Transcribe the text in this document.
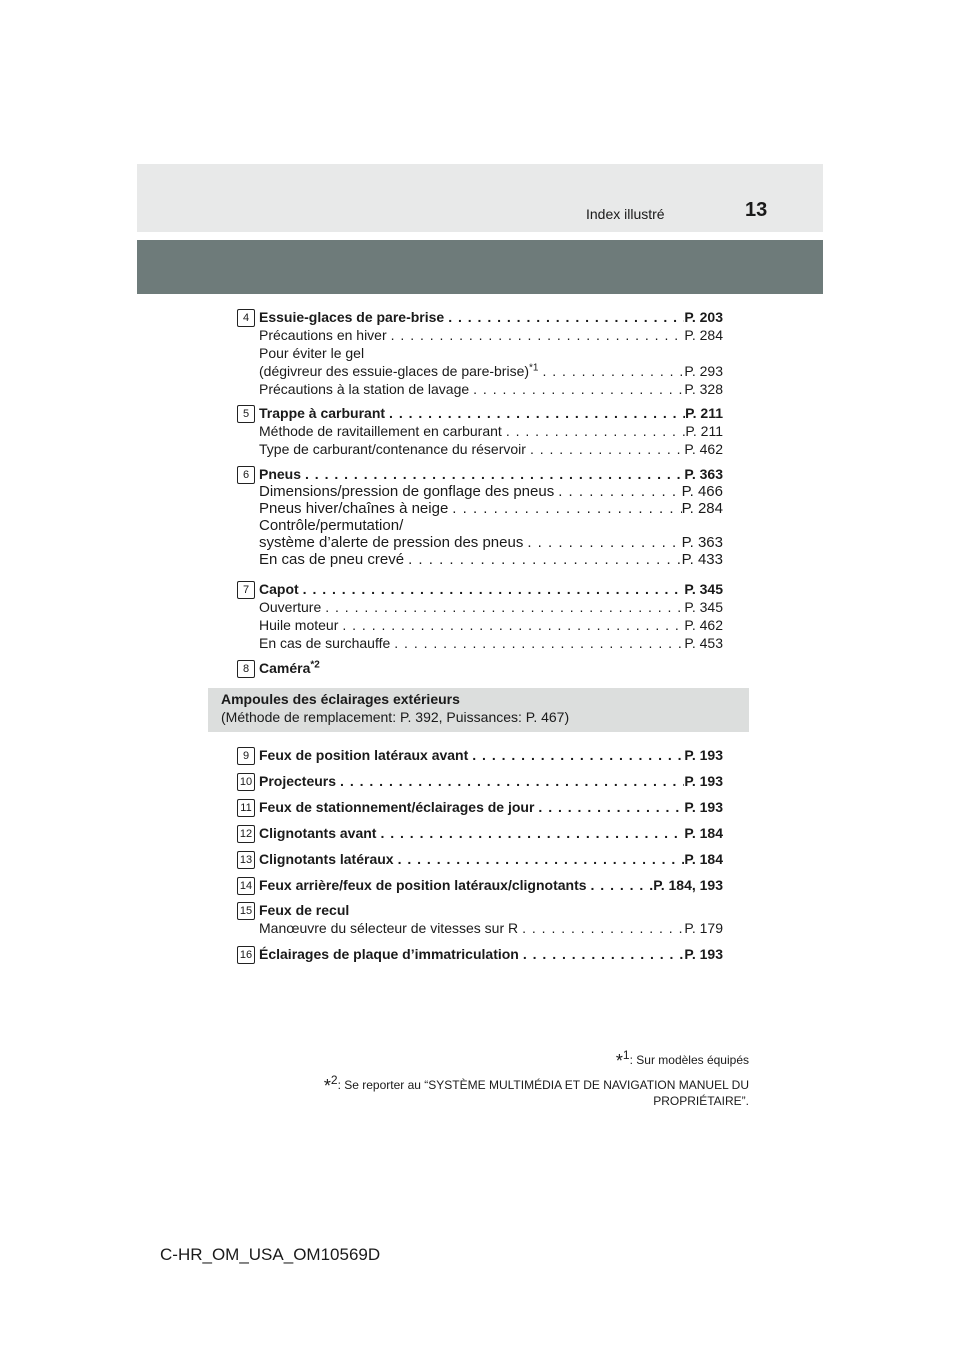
Index illustré	13
4 Essuie-glaces de pare-brise . . .	P. 203
Précautions en hiver . . .	P. 284
Pour éviter le gel
(dégivreur des essuie-glaces de pare-brise)$^{*1}$ . . .	P. 293
Précautions à la station de lavage . . .	P. 328
5 Trappe à carburant . . .	P. 211
Méthode de ravitaillement en carburant . . .	P. 211
Type de carburant/contenance du réservoir . . .	P. 462
6 Pneus . . .	P. 363
Dimensions/pression de gonflage des pneus . . .	P. 466
Pneus hiver/chaînes à neige . . .	P. 284
Contrôle/permutation/
système d’alerte de pression des pneus . . .	P. 363
En cas de pneu crevé . . .	P. 433
7 Capot . . .	P. 345
Ouverture . . .	P. 345
Huile moteur . . .	P. 462
En cas de surchauffe . . .	P. 453
8 Caméra$^{*2}$
Ampoules des éclairages extérieurs
(Méthode de remplacement: P. 392, Puissances: P. 467)
9 Feux de position latéraux avant . . .	P. 193
10 Projecteurs . . .	P. 193
11 Feux de stationnement/éclairages de jour . . .	P. 193
12 Clignotants avant . . .	P. 184
13 Clignotants latéraux . . .	P. 184
14 Feux arrière/feux de position latéraux/clignotants . . .	P. 184, 193
15 Feux de recul
Manœuvre du sélecteur de vitesses sur R . . .	P. 179
16 Éclairages de plaque d’immatriculation . . .	P. 193
*$^1$: Sur modèles équipés
*$^2$: Se reporter au “SYSTÈME MULTIMÉDIA ET DE NAVIGATION MANUEL DU
PROPRIÉTAIRE”.
C-HR_OM_USA_OM10569D
